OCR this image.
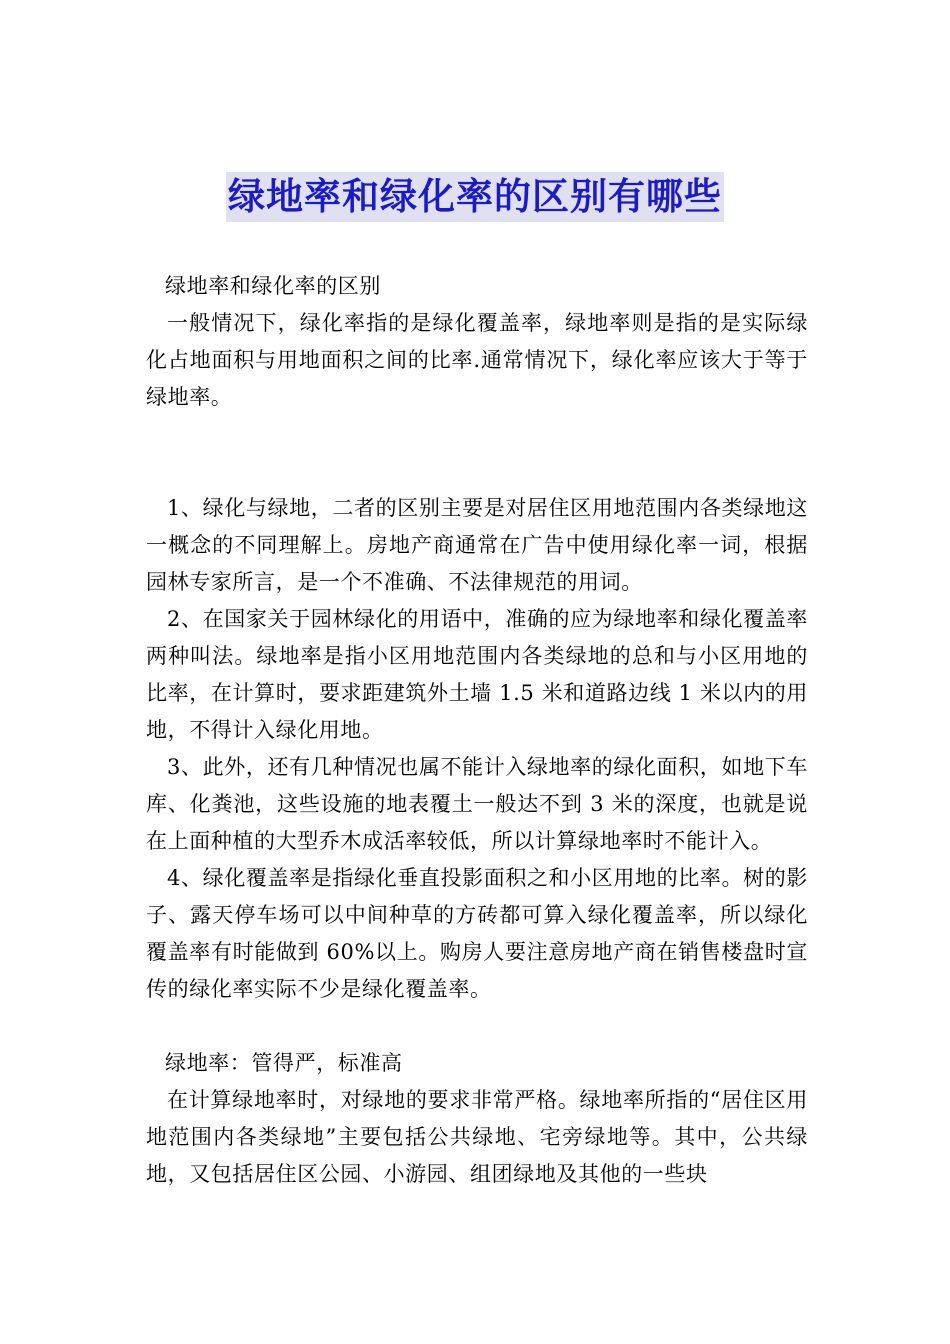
绿地率和绿化率的区别有哪些

绿地率和绿化率的区别

一般情况下，绿化率指的是绿化覆盖率，绿地率则是指的是实际绿化占地面积与用地面积之间的比率.通常情况下，绿化率应该大于等于绿地率。

1、绿化与绿地，二者的区别主要是对居住区用地范围内各类绿地这一概念的不同理解上。房地产商通常在广告中使用绿化率一词，根据园林专家所言，是一个不准确、不法律规范的用词。

2、在国家关于园林绿化的用语中，准确的应为绿地率和绿化覆盖率两种叫法。绿地率是指小区用地范围内各类绿地的总和与小区用地的比率，在计算时，要求距建筑外土墙 1.5 米和道路边线 1 米以内的用地，不得计入绿化用地。

3、此外，还有几种情况也属不能计入绿地率的绿化面积，如地下车库、化粪池，这些设施的地表覆土一般达不到 3 米的深度，也就是说在上面种植的大型乔木成活率较低，所以计算绿地率时不能计入。

4、绿化覆盖率是指绿化垂直投影面积之和小区用地的比率。树的影子、露天停车场可以中间种草的方砖都可算入绿化覆盖率，所以绿化覆盖率有时能做到 60%以上。购房人要注意房地产商在销售楼盘时宣传的绿化率实际不少是绿化覆盖率。

绿地率：管得严，标准高

在计算绿地率时，对绿地的要求非常严格。绿地率所指的“居住区用地范围内各类绿地”主要包括公共绿地、宅旁绿地等。其中，公共绿地，又包括居住区公园、小游园、组团绿地及其他的一些块
